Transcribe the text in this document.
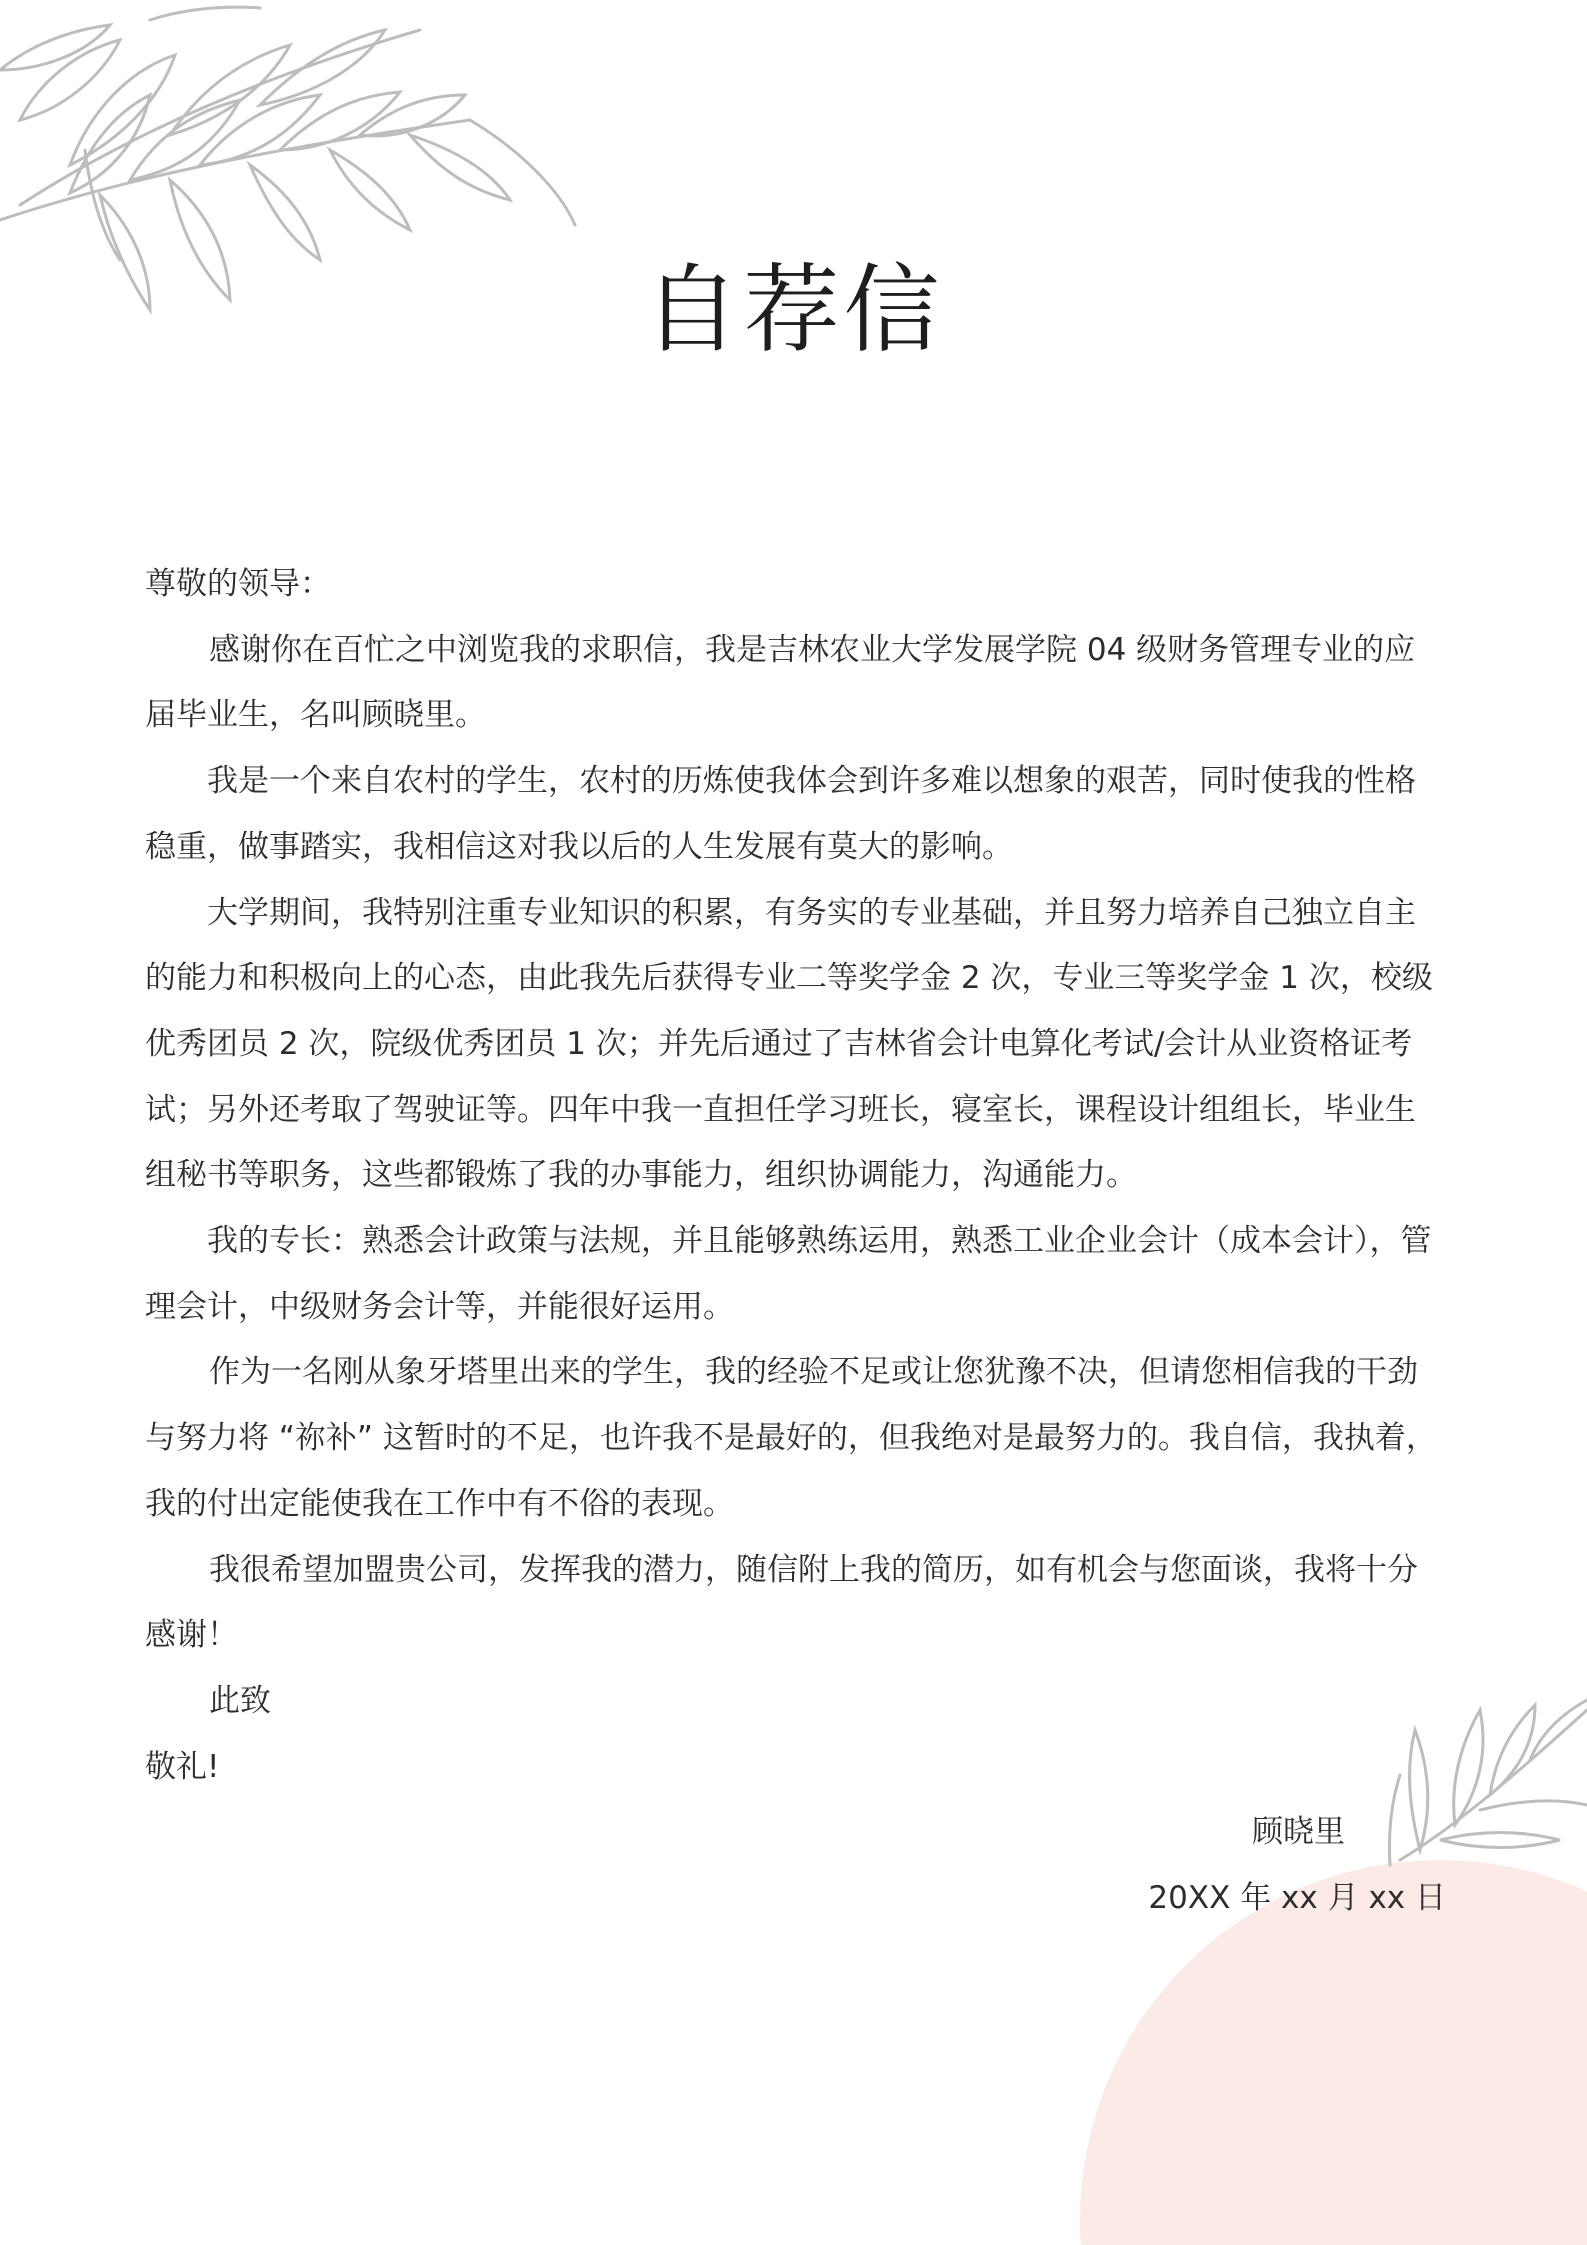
自荐信

尊敬的领导：

感谢你在百忙之中浏览我的求职信，我是吉林农业大学发展学院 04 级财务管理专业的应届毕业生，名叫顾晓里。

我是一个来自农村的学生，农村的历炼使我体会到许多难以想象的艰苦，同时使我的性格稳重，做事踏实，我相信这对我以后的人生发展有莫大的影响。

大学期间，我特别注重专业知识的积累，有务实的专业基础，并且努力培养自己独立自主的能力和积极向上的心态，由此我先后获得专业二等奖学金 2 次，专业三等奖学金 1 次，校级优秀团员 2 次，院级优秀团员 1 次；并先后通过了吉林省会计电算化考试/会计从业资格证考试；另外还考取了驾驶证等。四年中我一直担任学习班长，寝室长，课程设计组组长，毕业生组秘书等职务，这些都锻炼了我的办事能力，组织协调能力，沟通能力。

我的专长：熟悉会计政策与法规，并且能够熟练运用，熟悉工业企业会计（成本会计），管理会计，中级财务会计等，并能很好运用。

作为一名刚从象牙塔里出来的学生，我的经验不足或让您犹豫不决，但请您相信我的干劲与努力将 “祢补” 这暂时的不足，也许我不是最好的，但我绝对是最努力的。我自信，我执着，我的付出定能使我在工作中有不俗的表现。

我很希望加盟贵公司，发挥我的潜力，随信附上我的简历，如有机会与您面谈，我将十分感谢！

此致

敬礼!

顾晓里
20XX 年 xx 月 xx 日
